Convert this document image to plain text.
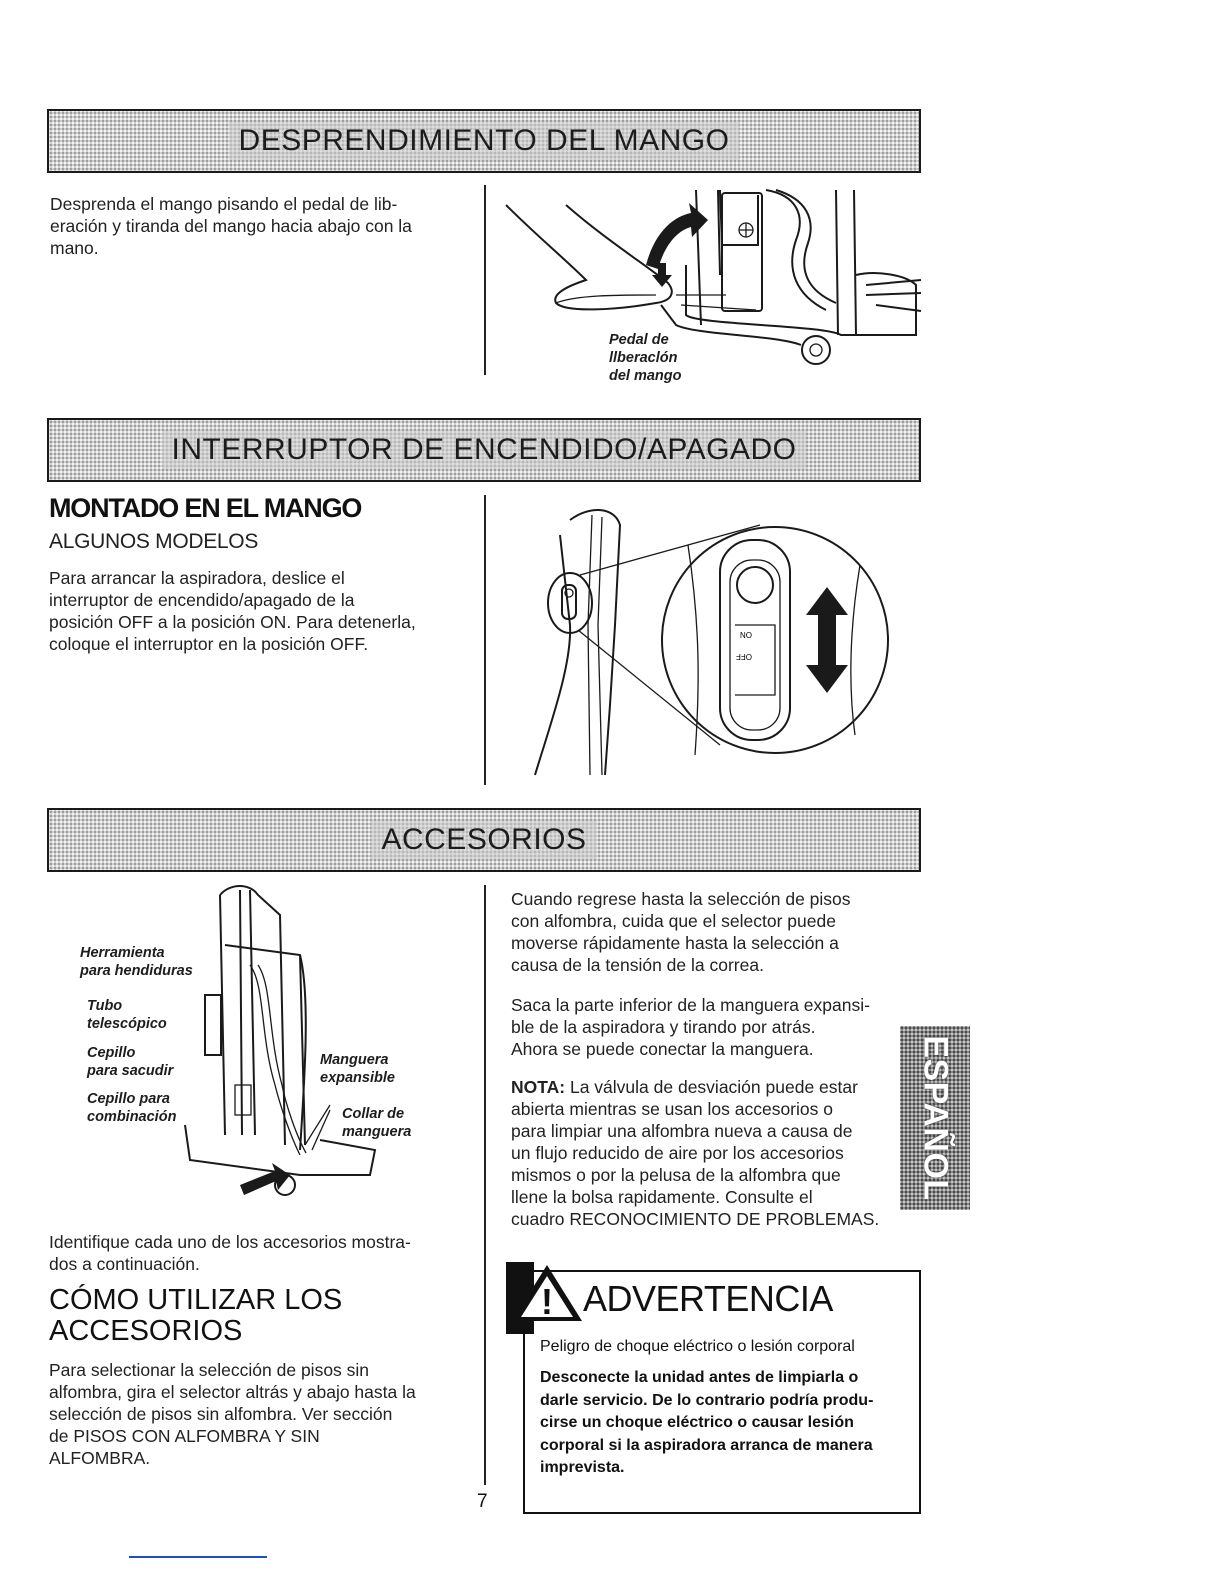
DESPRENDIMIENTO DEL MANGO
Desprenda el mango pisando el pedal de lib-
eración y tiranda del mango hacia abajo con la
mano.
Pedal de
llberaclón
del mango
INTERRUPTOR DE ENCENDIDO/APAGADO
MONTADO EN EL MANGO
ALGUNOS MODELOS
Para arrancar la aspiradora, deslice el
interruptor de encendido/apagado de la
posición OFF a la posición ON. Para detenerla,
coloque el interruptor en la posición OFF.	ON
OFF
ACCESORIOS
Herramienta
para hendiduras
Tubo
telescópico
Cepillo
para sacudir
Cepillo para
combinación
Manguera
expansible
Collar de
manguera
Identifique cada uno de los accesorios mostra-
dos a continuación.
CÓMO UTILIZAR LOS
ACCESORIOS
Para selectionar la selección de pisos sin
alfombra, gira el selector altrás y abajo hasta la
selección de pisos sin alfombra. Ver sección
de PISOS CON ALFOMBRA Y SIN
ALFOMBRA.
Cuando regrese hasta la selección de pisos
con alfombra, cuida que el selector puede
moverse rápidamente hasta la selección a
causa de la tensión de la correa.
Saca la parte inferior de la manguera expansi-
ble de la aspiradora y tirando por atrás.
Ahora se puede conectar la manguera.
NOTA: La válvula de desviación puede estar
abierta mientras se usan los accesorios o
para limpiar una alfombra nueva a causa de
un flujo reducido de aire por los accesorios
mismos o por la pelusa de la alfombra que
llene la bolsa rapidamente. Consulte el
cuadro RECONOCIMIENTO DE PROBLEMAS.
ESPAÑOL
! ADVERTENCIA
Peligro de choque eléctrico o lesión corporal
Desconecte la unidad antes de limpiarla o
darle servicio. De lo contrario podría produ-
cirse un choque eléctrico o causar lesión
corporal si la aspiradora arranca de manera
imprevista.
7
